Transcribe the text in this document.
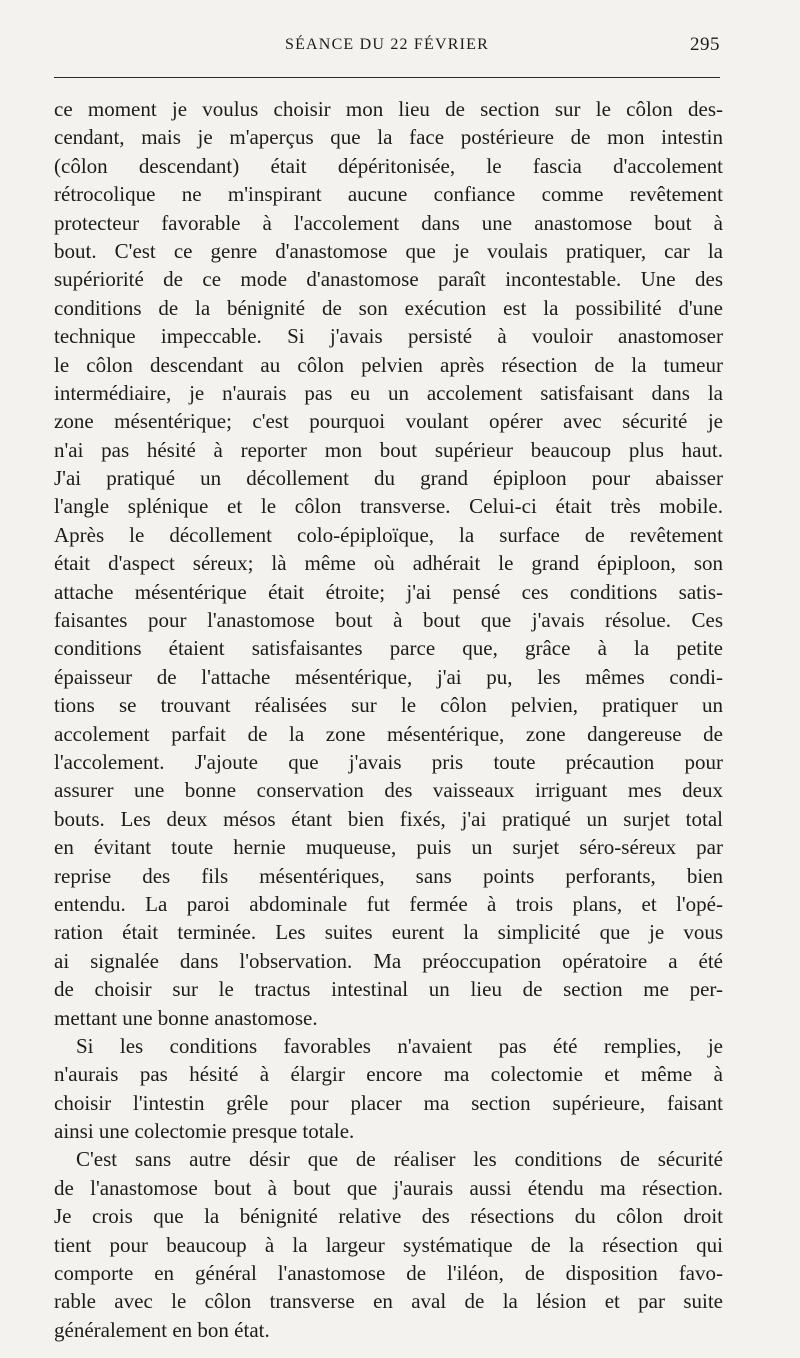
SÉANCE DU 22 FÉVRIER	295
ce moment je voulus choisir mon lieu de section sur le côlon des-
cendant, mais je m'aperçus que la face postérieure de mon intestin
(côlon descendant) était dépéritonisée, le fascia d'accolement
rétrocolique ne m'inspirant aucune confiance comme revêtement
protecteur favorable à l'accolement dans une anastomose bout à
bout. C'est ce genre d'anastomose que je voulais pratiquer, car la
supériorité de ce mode d'anastomose paraît incontestable. Une des
conditions de la bénignité de son exécution est la possibilité d'une
technique impeccable. Si j'avais persisté à vouloir anastomoser
le côlon descendant au côlon pelvien après résection de la tumeur
intermédiaire, je n'aurais pas eu un accolement satisfaisant dans la
zone mésentérique; c'est pourquoi voulant opérer avec sécurité je
n'ai pas hésité à reporter mon bout supérieur beaucoup plus haut.
J'ai pratiqué un décollement du grand épiploon pour abaisser
l'angle splénique et le côlon transverse. Celui-ci était très mobile.
Après le décollement colo-épiploïque, la surface de revêtement
était d'aspect séreux; là même où adhérait le grand épiploon, son
attache mésentérique était étroite; j'ai pensé ces conditions satis-
faisantes pour l'anastomose bout à bout que j'avais résolue. Ces
conditions étaient satisfaisantes parce que, grâce à la petite
épaisseur de l'attache mésentérique, j'ai pu, les mêmes condi-
tions se trouvant réalisées sur le côlon pelvien, pratiquer un
accolement parfait de la zone mésentérique, zone dangereuse de
l'accolement. J'ajoute que j'avais pris toute précaution pour
assurer une bonne conservation des vaisseaux irriguant mes deux
bouts. Les deux mésos étant bien fixés, j'ai pratiqué un surjet total
en évitant toute hernie muqueuse, puis un surjet séro-séreux par
reprise des fils mésentériques, sans points perforants, bien
entendu. La paroi abdominale fut fermée à trois plans, et l'opé-
ration était terminée. Les suites eurent la simplicité que je vous
ai signalée dans l'observation. Ma préoccupation opératoire a été
de choisir sur le tractus intestinal un lieu de section me per-
mettant une bonne anastomose.
Si les conditions favorables n'avaient pas été remplies, je
n'aurais pas hésité à élargir encore ma colectomie et même à
choisir l'intestin grêle pour placer ma section supérieure, faisant
ainsi une colectomie presque totale.
C'est sans autre désir que de réaliser les conditions de sécurité
de l'anastomose bout à bout que j'aurais aussi étendu ma résection.
Je crois que la bénignité relative des résections du côlon droit
tient pour beaucoup à la largeur systématique de la résection qui
comporte en général l'anastomose de l'iléon, de disposition favo-
rable avec le côlon transverse en aval de la lésion et par suite
généralement en bon état.
